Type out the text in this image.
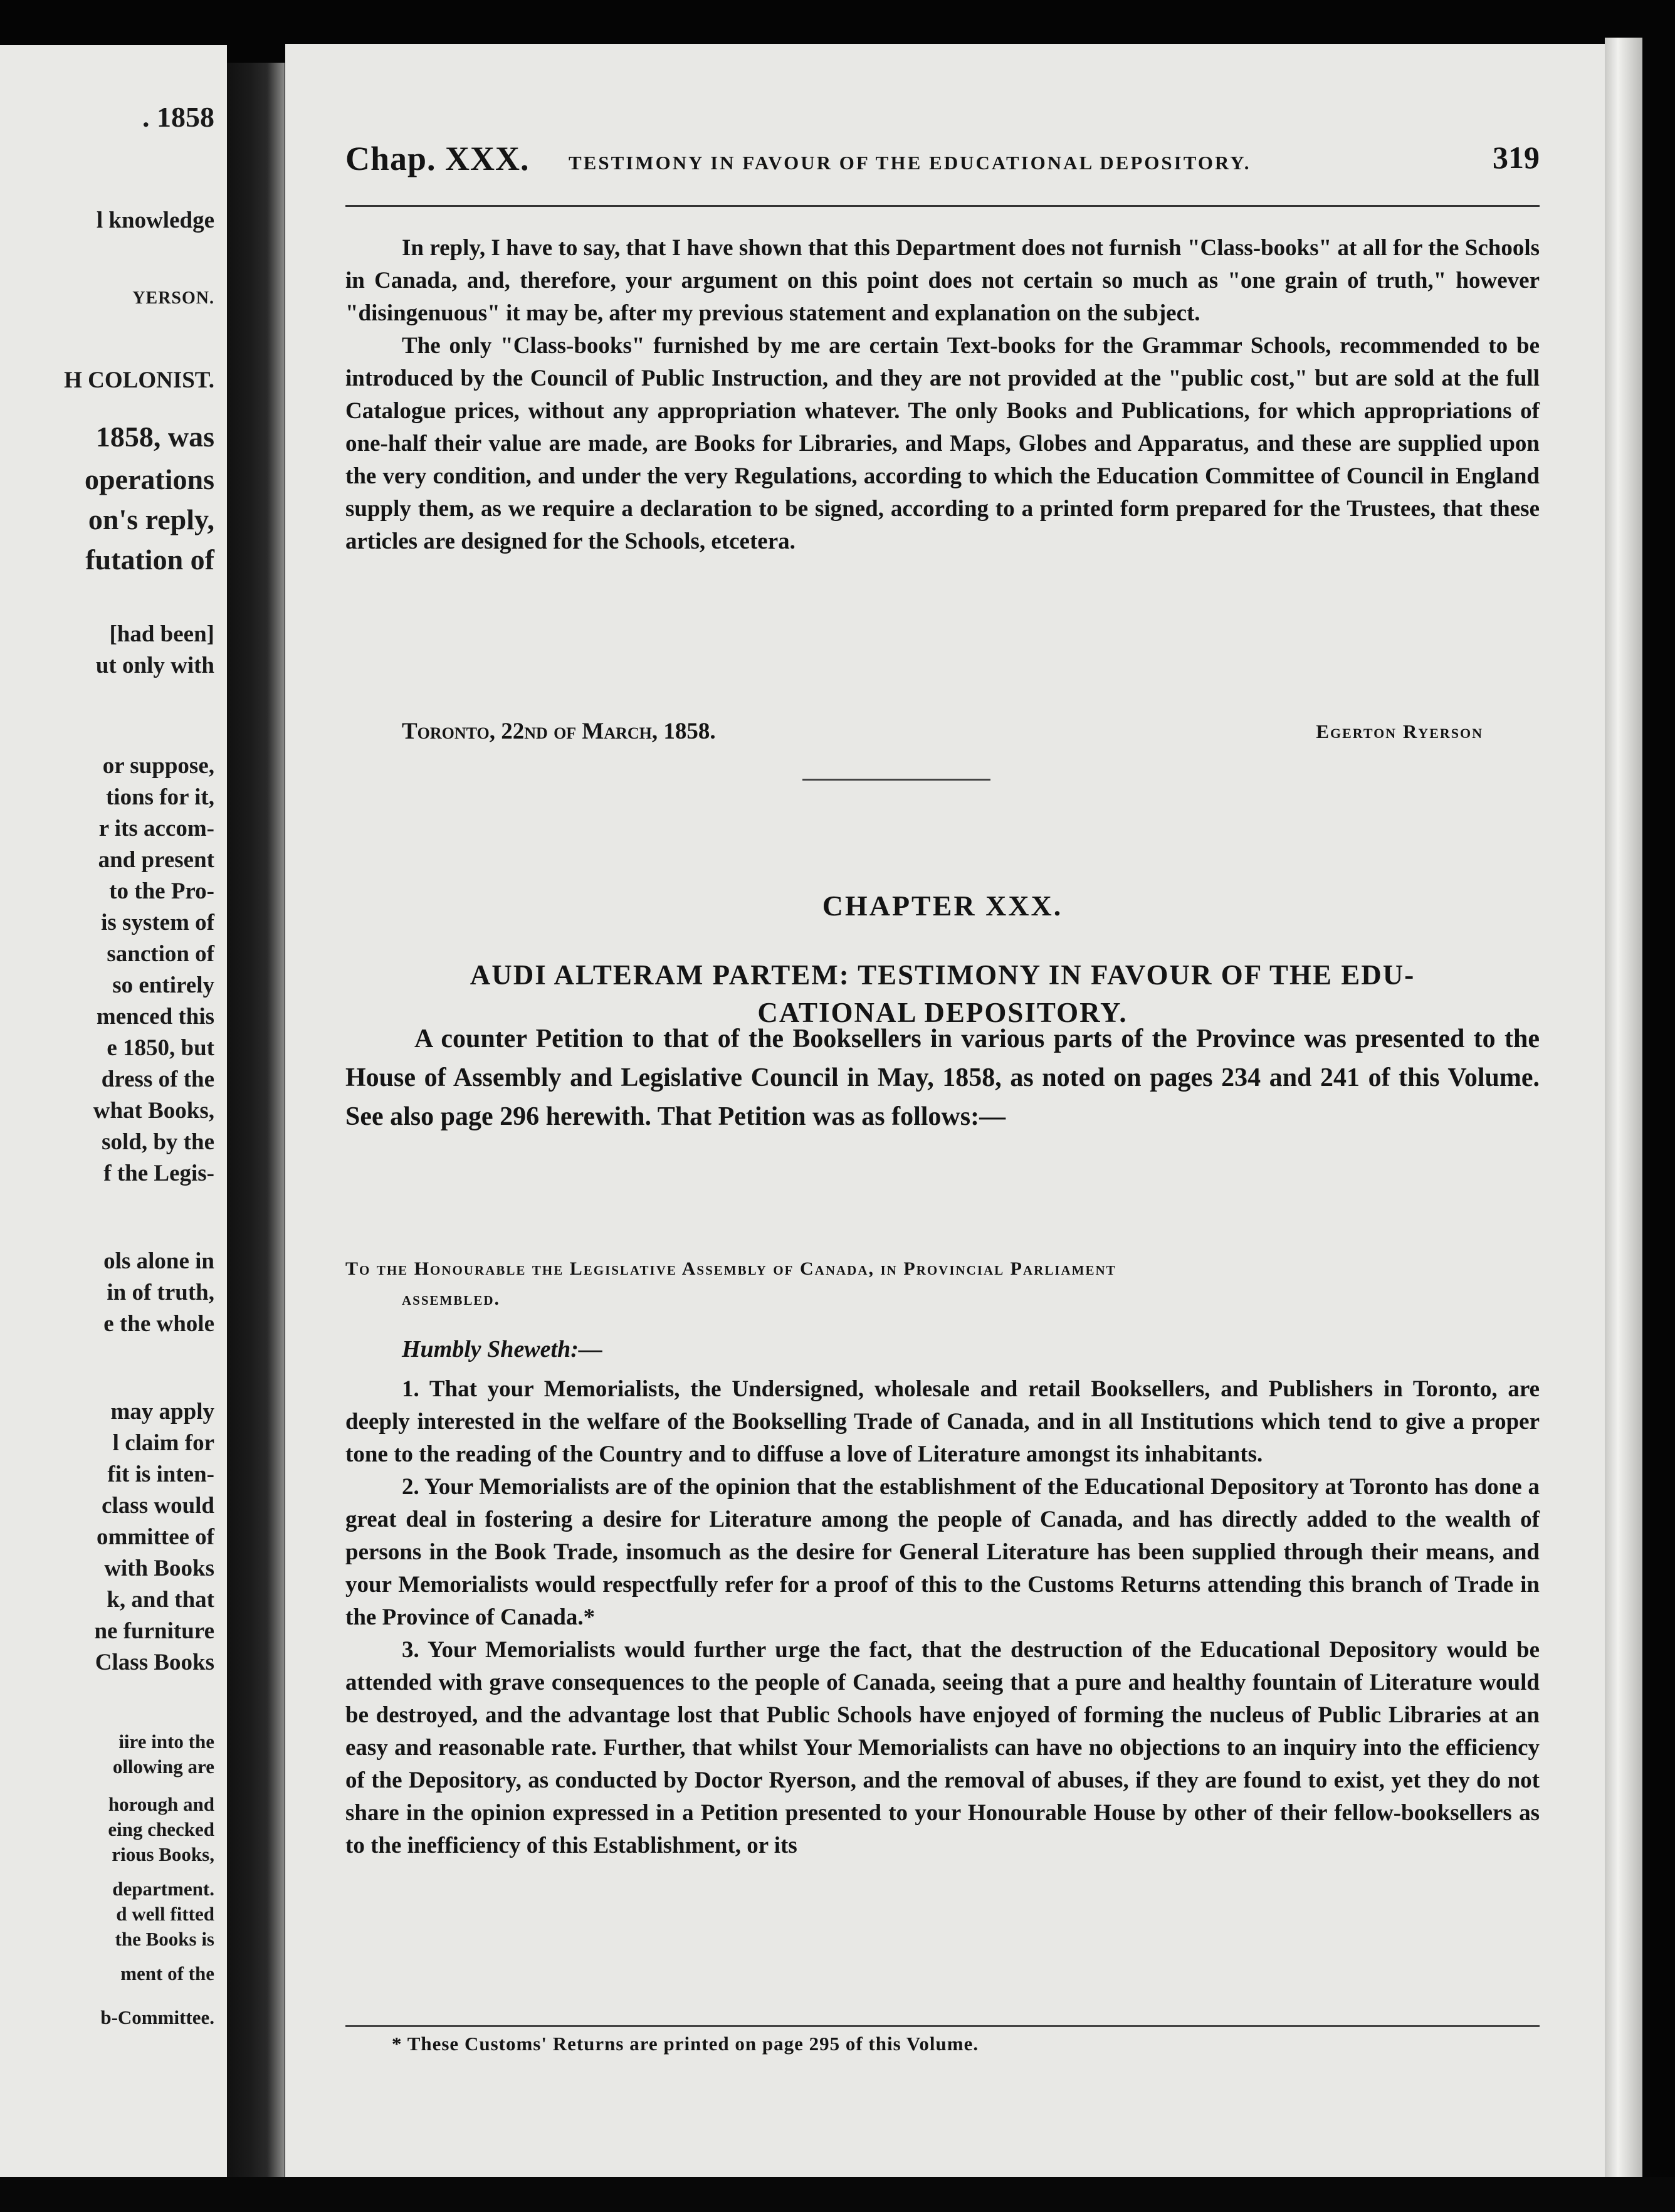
. 1858
l knowledge
YERSON.
H COLONIST.
1858, was
operations
on's reply,
futation of
[had been]
ut only with
or suppose,
tions for it,
r its accom-
and present
to the Pro-
is system of
sanction of
so entirely
menced this
e 1850, but
dress of the
what Books,
sold, by the
f the Legis-
ols alone in
in of truth,
e the whole
may apply
l claim for
fit is inten-
class would
ommittee of
with Books
k, and that
ne furniture
Class Books
iire into the
ollowing are
horough and
eing checked
rious Books,
department.
d well fitted
the Books is
ment of the
b-Committee.
Chap. XXX. TESTIMONY IN FAVOUR OF THE EDUCATIONAL DEPOSITORY.	319

In reply, I have to say, that I have shown that this Department does not furnish "Class-books" at all for the Schools in Canada, and, therefore, your argument on this point does not certain so much as "one grain of truth," however "disingenuous" it may be, after my previous statement and explanation on the subject.

The only "Class-books" furnished by me are certain Text-books for the Grammar Schools, recommended to be introduced by the Council of Public Instruction, and they are not provided at the "public cost," but are sold at the full Catalogue prices, without any appropriation whatever. The only Books and Publications, for which appropriations of one-half their value are made, are Books for Libraries, and Maps, Globes and Apparatus, and these are supplied upon the very condition, and under the very Regulations, according to which the Education Committee of Council in England supply them, as we require a declaration to be signed, according to a printed form prepared for the Trustees, that these articles are designed for the Schools, etcetera.

Toronto, 22nd of March, 1858.	Egerton Ryerson
CHAPTER XXX.
AUDI ALTERAM PARTEM: TESTIMONY IN FAVOUR OF THE EDU-
CATIONAL DEPOSITORY.

A counter Petition to that of the Booksellers in various parts of the Province was presented to the House of Assembly and Legislative Council in May, 1858, as noted on pages 234 and 241 of this Volume. See also page 296 herewith. That Petition was as follows:—

To the Honourable the Legislative Assembly of Canada, in Provincial Parliament
assembled.
Humbly Sheweth:—

1. That your Memorialists, the Undersigned, wholesale and retail Booksellers, and Publishers in Toronto, are deeply interested in the welfare of the Bookselling Trade of Canada, and in all Institutions which tend to give a proper tone to the reading of the Country and to diffuse a love of Literature amongst its inhabitants.

2. Your Memorialists are of the opinion that the establishment of the Educational Depository at Toronto has done a great deal in fostering a desire for Literature among the people of Canada, and has directly added to the wealth of persons in the Book Trade, insomuch as the desire for General Literature has been supplied through their means, and your Memorialists would respectfully refer for a proof of this to the Customs Returns attending this branch of Trade in the Province of Canada.*

3. Your Memorialists would further urge the fact, that the destruction of the Educational Depository would be attended with grave consequences to the people of Canada, seeing that a pure and healthy fountain of Literature would be destroyed, and the advantage lost that Public Schools have enjoyed of forming the nucleus of Public Libraries at an easy and reasonable rate. Further, that whilst Your Memorialists can have no objections to an inquiry into the efficiency of the Depository, as conducted by Doctor Ryerson, and the removal of abuses, if they are found to exist, yet they do not share in the opinion expressed in a Petition presented to your Honourable House by other of their fellow-booksellers as to the inefficiency of this Establishment, or its

* These Customs' Returns are printed on page 295 of this Volume.
